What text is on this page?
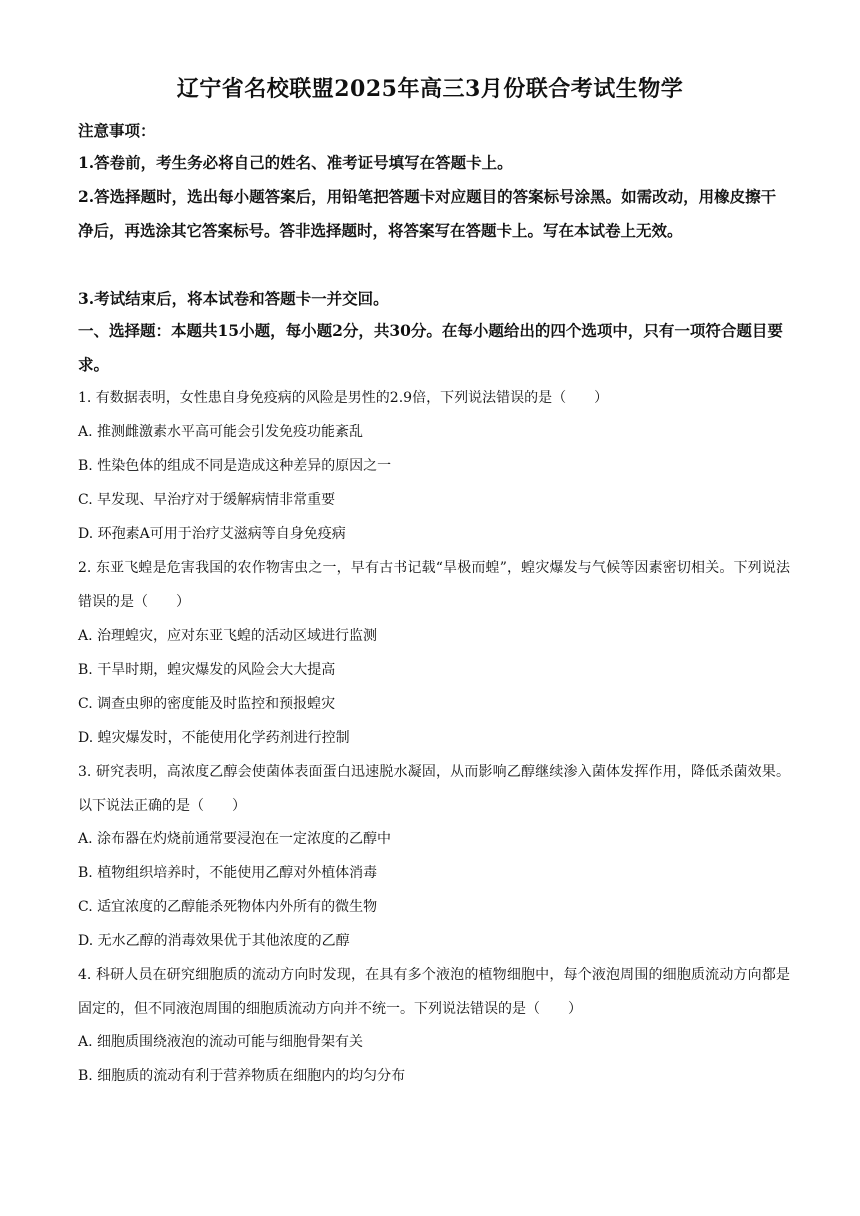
辽宁省名校联盟2025年高三3月份联合考试生物学
注意事项：
1.答卷前，考生务必将自己的姓名、准考证号填写在答题卡上。
2.答选择题时，选出每小题答案后，用铅笔把答题卡对应题目的答案标号涂黑。如需改动，用橡皮擦干净后，再选涂其它答案标号。答非选择题时，将答案写在答题卡上。写在本试卷上无效。
3.考试结束后，将本试卷和答题卡一并交回。
一、选择题：本题共15小题，每小题2分，共30分。在每小题给出的四个选项中，只有一项符合题目要求。
1. 有数据表明，女性患自身免疫病的风险是男性的2.9倍，下列说法错误的是（　　）
A. 推测雌激素水平高可能会引发免疫功能紊乱
B. 性染色体的组成不同是造成这种差异的原因之一
C. 早发现、早治疗对于缓解病情非常重要
D. 环孢素A可用于治疗艾滋病等自身免疫病
2. 东亚飞蝗是危害我国的农作物害虫之一，早有古书记载“旱极而蝗”，蝗灾爆发与气候等因素密切相关。下列说法错误的是（　　）
A. 治理蝗灾，应对东亚飞蝗的活动区域进行监测
B. 干旱时期，蝗灾爆发的风险会大大提高
C. 调查虫卵的密度能及时监控和预报蝗灾
D. 蝗灾爆发时，不能使用化学药剂进行控制
3. 研究表明，高浓度乙醇会使菌体表面蛋白迅速脱水凝固，从而影响乙醇继续渗入菌体发挥作用，降低杀菌效果。以下说法正确的是（　　）
A. 涂布器在灼烧前通常要浸泡在一定浓度的乙醇中
B. 植物组织培养时，不能使用乙醇对外植体消毒
C. 适宜浓度的乙醇能杀死物体内外所有的微生物
D. 无水乙醇的消毒效果优于其他浓度的乙醇
4. 科研人员在研究细胞质的流动方向时发现，在具有多个液泡的植物细胞中，每个液泡周围的细胞质流动方向都是固定的，但不同液泡周围的细胞质流动方向并不统一。下列说法错误的是（　　）
A. 细胞质围绕液泡的流动可能与细胞骨架有关
B. 细胞质的流动有利于营养物质在细胞内的均匀分布
